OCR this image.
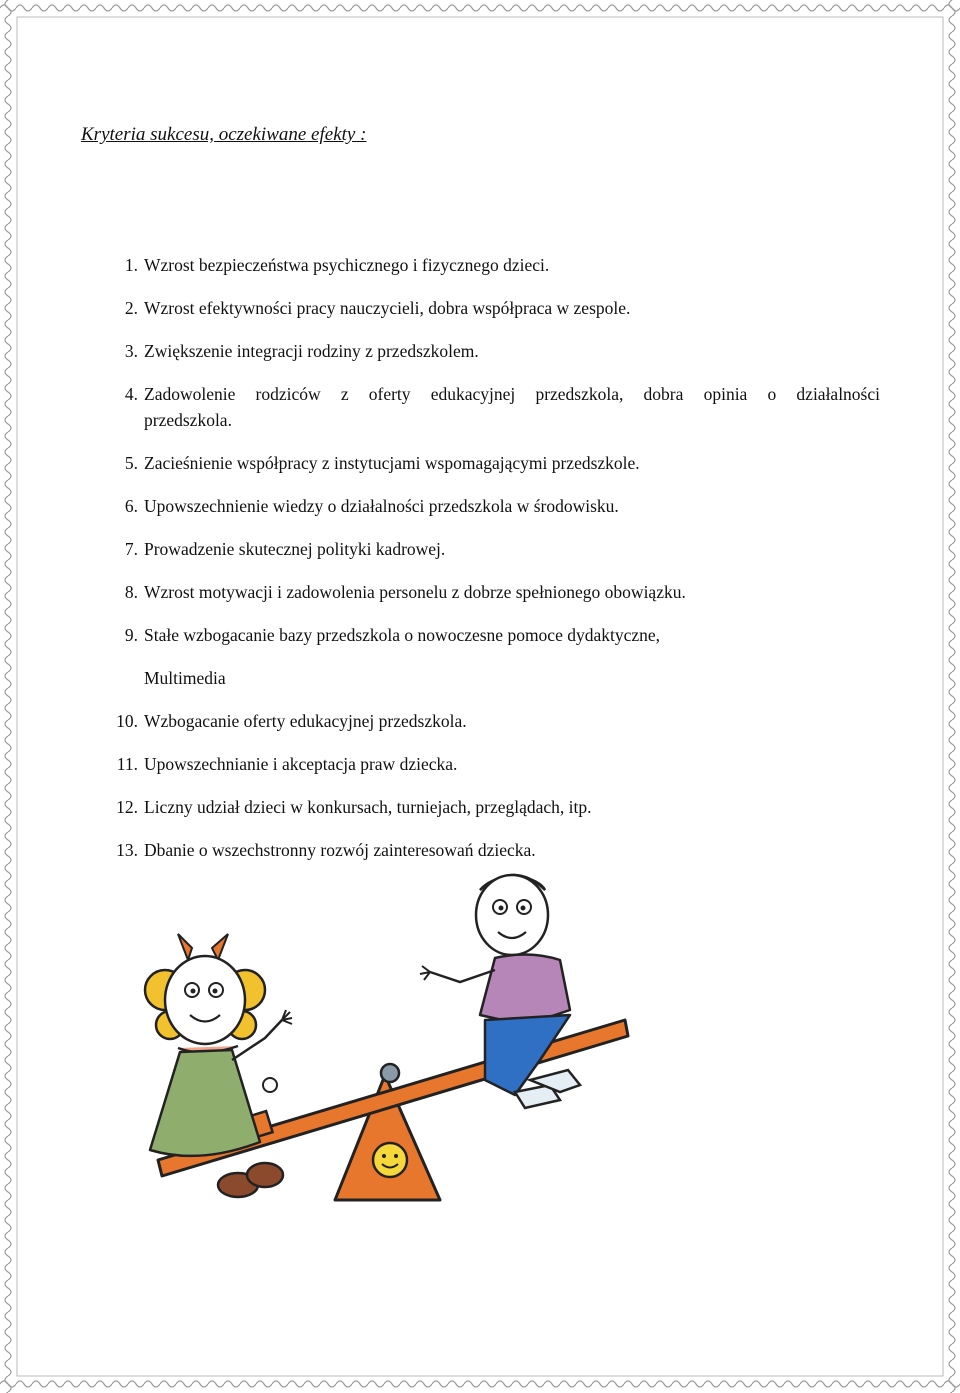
Kryteria sukcesu, oczekiwane efekty :
1. Wzrost bezpieczeństwa psychicznego i fizycznego dzieci.
2. Wzrost efektywności pracy nauczycieli, dobra współpraca w zespole.
3. Zwiększenie integracji rodziny z przedszkolem.
4. Zadowolenie rodziców z oferty edukacyjnej przedszkola, dobra opinia o działalności
przedszkola.
5. Zacieśnienie współpracy z instytucjami wspomagającymi przedszkole.
6. Upowszechnienie wiedzy o działalności przedszkola w środowisku.
7. Prowadzenie skutecznej polityki kadrowej.
8. Wzrost motywacji i zadowolenia personelu z dobrze spełnionego obowiązku.
9. Stałe wzbogacanie bazy przedszkola o nowoczesne pomoce dydaktyczne,
Multimedia
10. Wzbogacanie oferty edukacyjnej przedszkola.
11. Upowszechnianie i akceptacja praw dziecka.
12. Liczny udział dzieci w konkursach, turniejach, przeglądach, itp.
13. Dbanie o wszechstronny rozwój zainteresowań dziecka.
